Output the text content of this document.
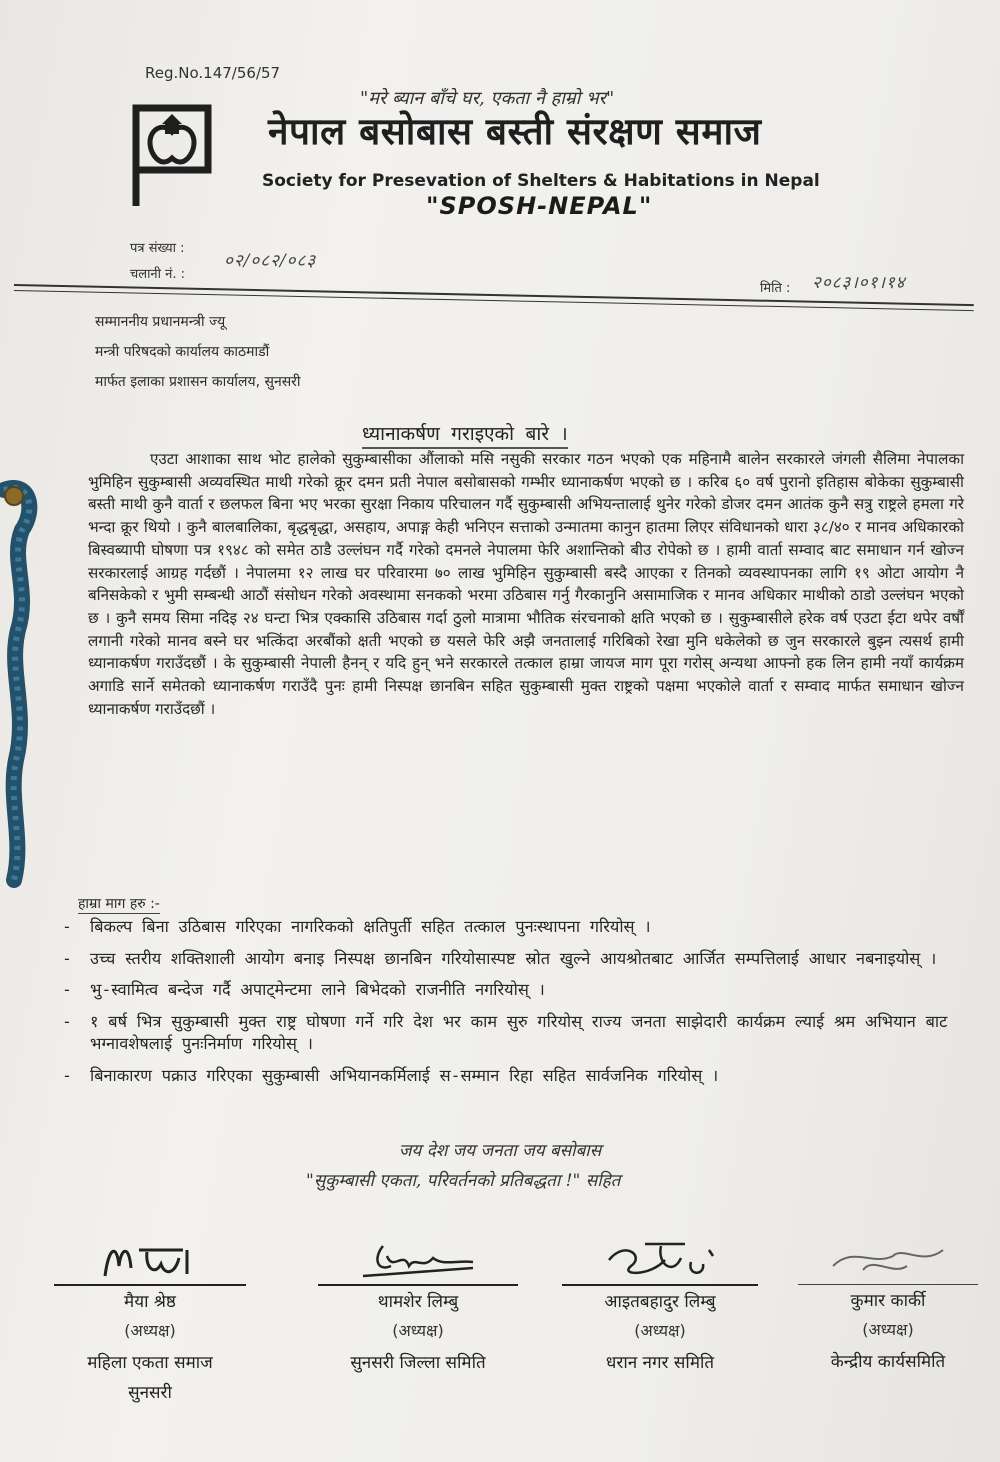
Reg.No.147/56/57
"मरे ब्यान बाँचे घर, एकता नै हाम्रो भर"
नेपाल बसोबास बस्ती संरक्षण समाज
Society for Presevation of Shelters & Habitations in Nepal
"SPOSH-NEPAL"
पत्र संख्या :
चलानी नं. :
०२/०८२/०८३
मिति : २०८३।०१।१४
सम्माननीय प्रधानमन्त्री ज्यू
मन्त्री परिषदको कार्यालय काठमाडौं
मार्फत इलाका प्रशासन कार्यालय, सुनसरी
ध्यानाकर्षण गराइएको बारे ।
एउटा आशाका साथ भोट हालेको सुकुम्बासीका औंलाको मसि नसुकी सरकार गठन भएको एक महिनामै बालेन सरकारले जंगली सैलिमा नेपालका भुमिहिन सुकुम्बासी अव्यवस्थित माथी गरेको क्रूर दमन प्रती नेपाल बसोबासको गम्भीर ध्यानाकर्षण भएको छ । करिब ६० वर्ष पुरानो इतिहास बोकेका सुकुम्बासी बस्ती माथी कुनै वार्ता र छलफल बिना भए भरका सुरक्षा निकाय परिचालन गर्दै सुकुम्बासी अभियन्तालाई थुनेर गरेको डोजर दमन आतंक कुनै सत्रु राष्ट्रले हमला गरे भन्दा क्रूर थियो । कुनै बालबालिका, बृद्धबृद्धा, असहाय, अपाङ्ग केही भनिएन सत्ताको उन्मातमा कानुन हातमा लिएर संविधानको धारा ३८/४० र मानव अधिकारको बिस्वब्यापी घोषणा पत्र १९४८ को समेत ठाडै उल्लंघन गर्दै गरेको दमनले नेपालमा फेरि अशान्तिको बीउ रोपेको छ । हामी वार्ता सम्वाद बाट समाधान गर्न खोज्न सरकारलाई आग्रह गर्दछौं । नेपालमा १२ लाख घर परिवारमा ७० लाख भुमिहिन सुकुम्बासी बस्दै आएका र तिनको व्यवस्थापनका लागि १९ ओटा आयोग नै बनिसकेको र भुमी सम्बन्धी आठौं संसोधन गरेको अवस्थामा सनकको भरमा उठिबास गर्नु गैरकानुनि असामाजिक र मानव अधिकार माथीको ठाडो उल्लंघन भएको छ । कुनै समय सिमा नदिइ २४ घन्टा भित्र एक्कासि उठिबास गर्दा ठुलो मात्रामा भौतिक संरचनाको क्षति भएको छ । सुकुम्बासीले हरेक वर्ष एउटा ईटा थपेर वर्षौं लगानी गरेको मानव बस्ने घर भत्किंदा अरबौंको क्षती भएको छ यसले फेरि अझै जनतालाई गरिबिको रेखा मुनि धकेलेको छ जुन सरकारले बुझ्न त्यसर्थ हामी ध्यानाकर्षण गराउँदछौं । के सुकुम्बासी नेपाली हैनन् र यदि हुन् भने सरकारले तत्काल हाम्रा जायज माग पूरा गरोस् अन्यथा आफ्नो हक लिन हामी नयाँ कार्यक्रम अगाडि सार्ने समेतको ध्यानाकर्षण गराउँदै पुनः हामी निस्पक्ष छानबिन सहित सुकुम्बासी मुक्त राष्ट्रको पक्षमा भएकोले वार्ता र सम्वाद मार्फत समाधान खोज्न ध्यानाकर्षण गराउँदछौं ।
हाम्रा माग हरु :-
- बिकल्प बिना उठिबास गरिएका नागरिकको क्षतिपुर्ती सहित तत्काल पुनःस्थापना गरियोस् ।
- उच्च स्तरीय शक्तिशाली आयोग बनाइ निस्पक्ष छानबिन गरियोसास्पष्ट स्रोत खुल्ने आयश्रोतबाट आर्जित सम्पत्तिलाई आधार नबनाइयोस् ।
- भु-स्वामित्व बन्देज गर्दै अपाट्मेन्टमा लाने बिभेदको राजनीति नगरियोस् ।
- १ बर्ष भित्र सुकुम्बासी मुक्त राष्ट्र घोषणा गर्ने गरि देश भर काम सुरु गरियोस् राज्य जनता साझेदारी कार्यक्रम ल्याई श्रम अभियान बाट भग्नावशेषलाई पुनःनिर्माण गरियोस् ।
- बिनाकारण पक्राउ गरिएका सुकुम्बासी अभियानकर्मिलाई स-सम्मान रिहा सहित सार्वजनिक गरियोस् ।
जय देश जय जनता जय बसोबास
"सुकुम्बासी एकता, परिवर्तनको प्रतिबद्धता !" सहित
मैया श्रेष्ठ
(अध्यक्ष)
महिला एकता समाज
सुनसरी
थामशेर लिम्बु
(अध्यक्ष)
सुनसरी जिल्ला समिति
आइतबहादुर लिम्बु
(अध्यक्ष)
धरान नगर समिति
कुमार कार्की
(अध्यक्ष)
केन्द्रीय कार्यसमिति
